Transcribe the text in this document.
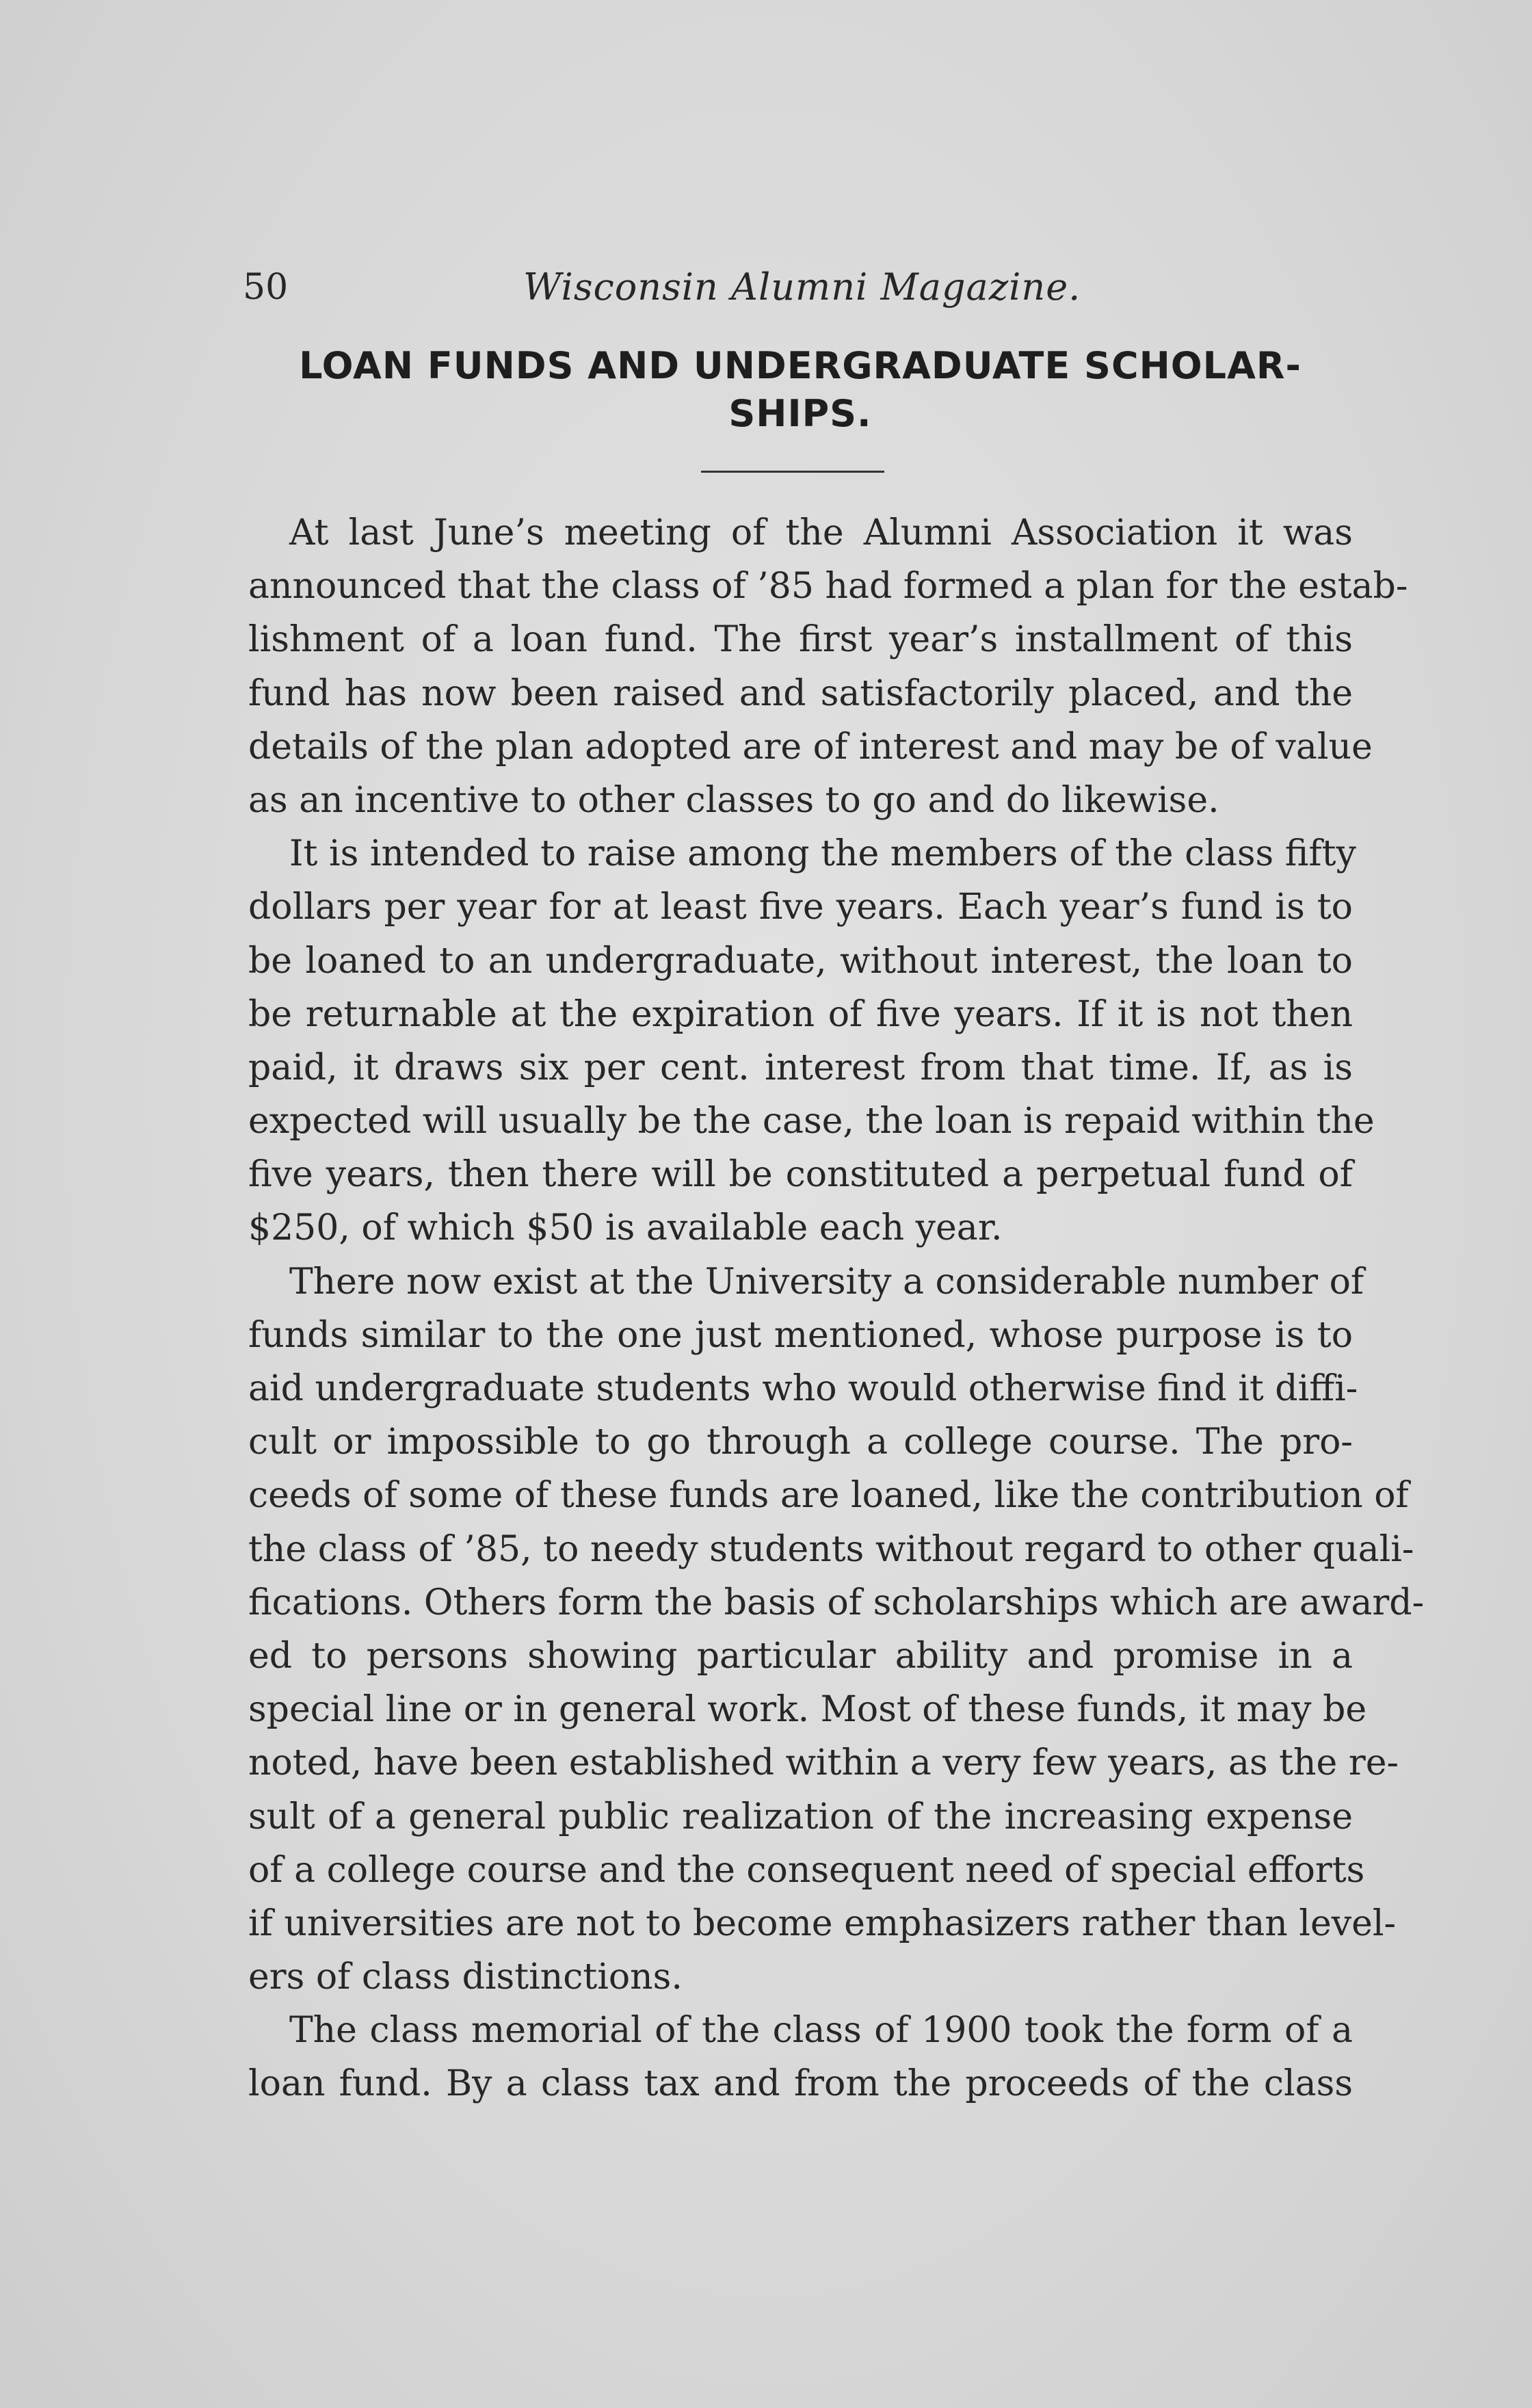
50	Wisconsin Alumni Magazine.
LOAN FUNDS AND UNDERGRADUATE SCHOLAR-
SHIPS.
At last June’s meeting of the Alumni Association it was
announced that the class of ’85 had formed a plan for the estab-
lishment of a loan fund. The first year’s installment of this
fund has now been raised and satisfactorily placed, and the
details of the plan adopted are of interest and may be of value
as an incentive to other classes to go and do likewise.
It is intended to raise among the members of the class fifty
dollars per year for at least five years. Each year’s fund is to
be loaned to an undergraduate, without interest, the loan to
be returnable at the expiration of five years. If it is not then
paid, it draws six per cent. interest from that time. If, as is
expected will usually be the case, the loan is repaid within the
five years, then there will be constituted a perpetual fund of
$250, of which $50 is available each year.
There now exist at the University a considerable number of
funds similar to the one just mentioned, whose purpose is to
aid undergraduate students who would otherwise find it diffi-
cult or impossible to go through a college course. The pro-
ceeds of some of these funds are loaned, like the contribution of
the class of ’85, to needy students without regard to other quali-
fications. Others form the basis of scholarships which are award-
ed to persons showing particular ability and promise in a
special line or in general work. Most of these funds, it may be
noted, have been established within a very few years, as the re-
sult of a general public realization of the increasing expense
of a college course and the consequent need of special efforts
if universities are not to become emphasizers rather than level-
ers of class distinctions.
The class memorial of the class of 1900 took the form of a
loan fund. By a class tax and from the proceeds of the class
